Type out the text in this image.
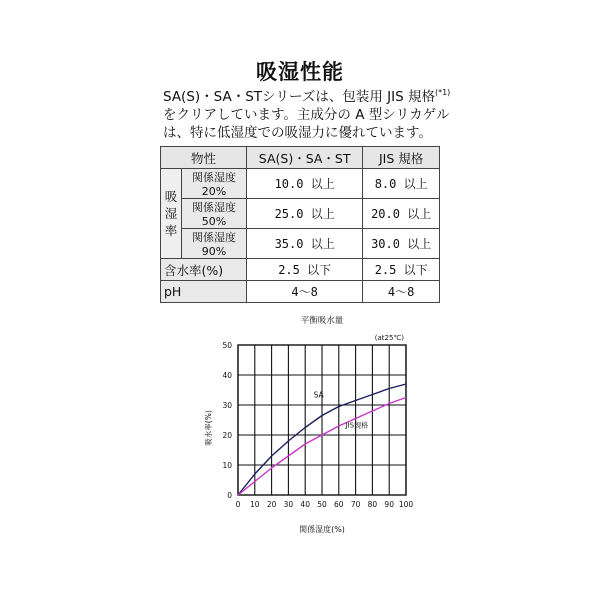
吸湿性能
SA(S)・SA・STシリーズは、包装用 JIS 規格$^{(*1)}$
をクリアしています。主成分の A 型シリカゲル
は、特に低湿度での吸湿力に優れています。
物性		SA(S)・SA・ST	JIS 規格
吸
湿
率	関係湿度20%	10.0 以上	8.0 以上
	関係湿度50%	25.0 以上	20.0 以上
	関係湿度90%	35.0 以上	30.0 以上
含水率(%)		2.5 以下	2.5 以下
pH		4〜8	4〜8
平衡吸水量
(at25℃)
0 10 20 30 40 50 60 70 80 90 100
0
10
20
30
40
50
関係湿度(%)
吸水率(%)
SA
JIS規格
